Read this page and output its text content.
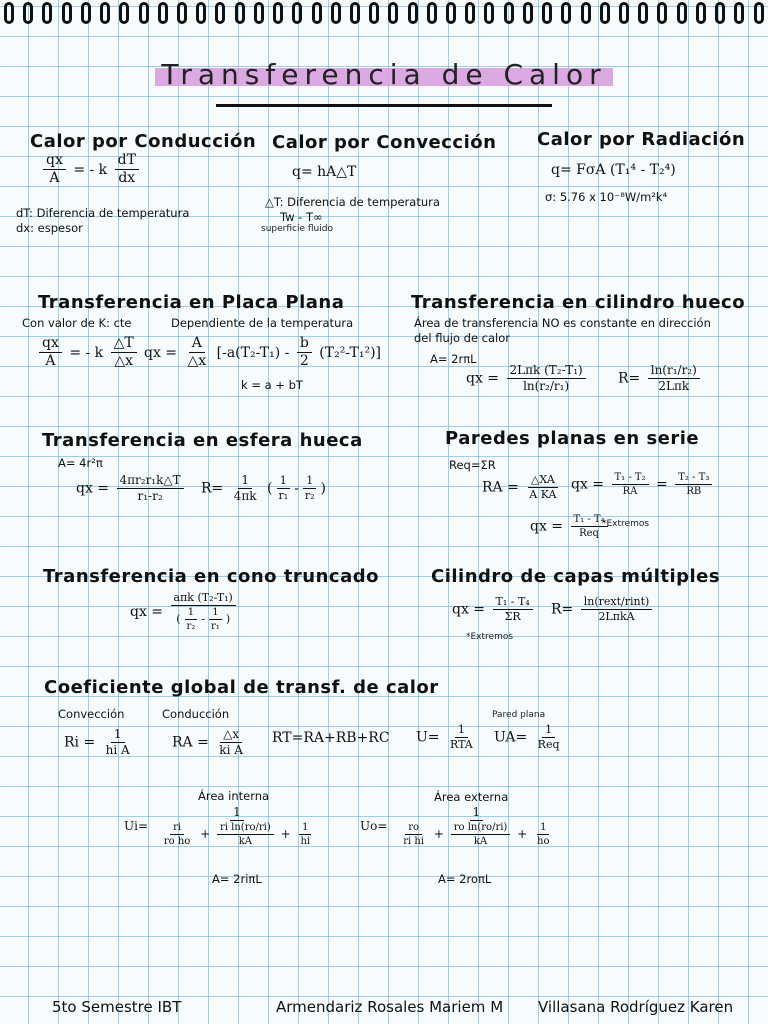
Transferencia de Calor
Calor por Conducción
$\frac{qx}{A}$ = - k $\frac{dT}{dx}$
dT: Diferencia de temperatura
dx: espesor
Calor por Convección
q= hA△T
△T: Diferencia de temperatura
Tw - T∞
superficie fluido
Calor por Radiación
q= FσA (T₁⁴ - T₂⁴)
σ: 5.76 x 10⁻⁸W/m²k⁴
Transferencia en Placa Plana
Con valor de K: cte	Dependiente de la temperatura
$\frac{qx}{A}$ = - k $\frac{\triangle T}{\triangle x}$ qx = $\frac{A}{\triangle x} [-a(T_2-T_1) - \frac{b}{2} (T_2^2-T_1^2)]$
k = a + bT
Transferencia en cilindro hueco
Área de transferencia NO es constante en dirección
del flujo de calor
A= 2rπL
qx =
2Lπk (T₂-T₁)
ln(r₂/r₁)	R=
ln(r₁/r₂)
2Lπk
Transferencia en esfera hueca
A= 4r²π
qx = $\frac{\text{4πr₂r₁k△T}}{\text{r₁-r₂}} R= \frac{1}{4\pi k}$ ( $\frac{1}{\text{r₁}} - \frac{1}{\text{r₂}}$ )
Paredes planas en serie
Req=ΣR
RA = $\frac{\triangle XA}{\text{A KA}}$ qx = $\frac{\text{T₁ - T₂}}{RA} = \frac{\text{T₂ - T₃}}{RB}$
qx =	T₁ - T₄
Req
*Extremos
Transferencia en cono truncado
qx =
aπk (T₂-T₁)
( $\frac{1}{\text{r₂}} - \frac{1}{\text{r₁}}$ )
Cilindro de capas múltiples
qx = $\frac{\text{T₁ - T₄}}{\Sigma R}$
*Extremos
R=
ln(rext/rint)
2LπkA
Coeficiente global de transf. de calor
Convección	Conducción	Pared plana
$Ri = \frac{1}{\text{hi A}}$	RA = $\frac{\triangle x}{\text{ki A}} RT=RA+RB+RC$ U=
1
RTA UA=
1
Req
Área interna
Ui=
1
$\frac{ri}{\text{ro ho}} + \frac{\text{ri ln(ro/ri)}}{kA} + \frac{1}{hi}$
A= 2riπL
Área externa
Uo=
1
$\frac{ro}{\text{ri hi}} + \frac{\text{ro ln(ro/ri)}}{kA} + \frac{1}{ho}$
A= 2roπL
5to Semestre IBT	Armendariz Rosales Mariem M Villasana Rodríguez Karen
